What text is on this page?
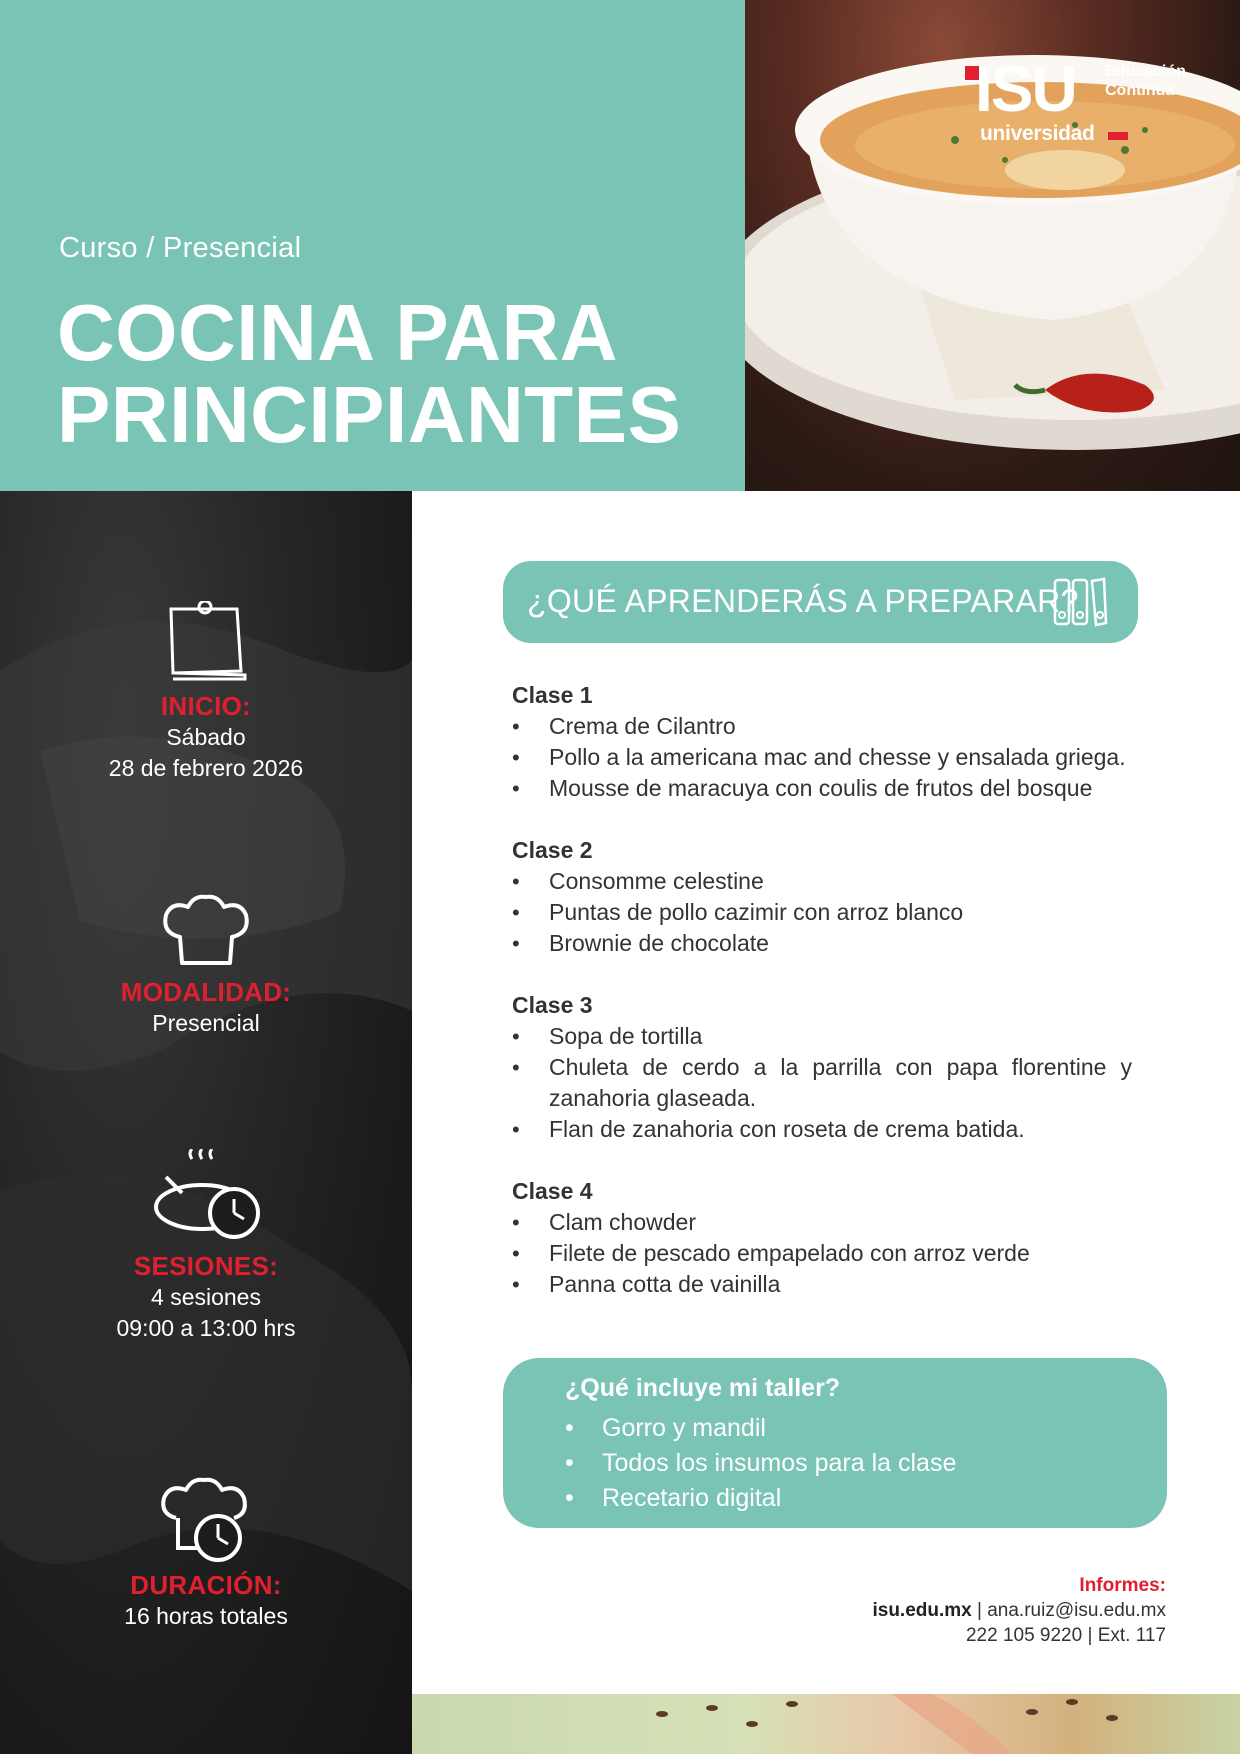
Curso / Presencial
COCINA PARA
PRINCIPIANTES
ISU
universidad
Educación
Continua
INICIO:
Sábado
28 de febrero 2026
MODALIDAD:
Presencial
SESIONES:
4 sesiones
09:00 a 13:00 hrs
DURACIÓN:
16 horas totales
¿QUÉ APRENDERÁS A PREPARAR?
Clase 1
• Crema de Cilantro
• Pollo a la americana mac and chesse y ensalada griega.
• Mousse de maracuya con coulis de frutos del bosque
Clase 2
• Consomme celestine
• Puntas de pollo cazimir con arroz blanco
• Brownie de chocolate
Clase 3
• Sopa de tortilla
• Chuleta de cerdo a la parrilla con papa florentine y zanahoria glaseada.
• Flan de zanahoria con roseta de crema batida.
Clase 4
• Clam chowder
• Filete de pescado empapelado con arroz verde
• Panna cotta de vainilla
¿Qué incluye mi taller?
• Gorro y mandil
• Todos los insumos para la clase
• Recetario digital
Informes:
isu.edu.mx | ana.ruiz@isu.edu.mx
222 105 9220 | Ext. 117
